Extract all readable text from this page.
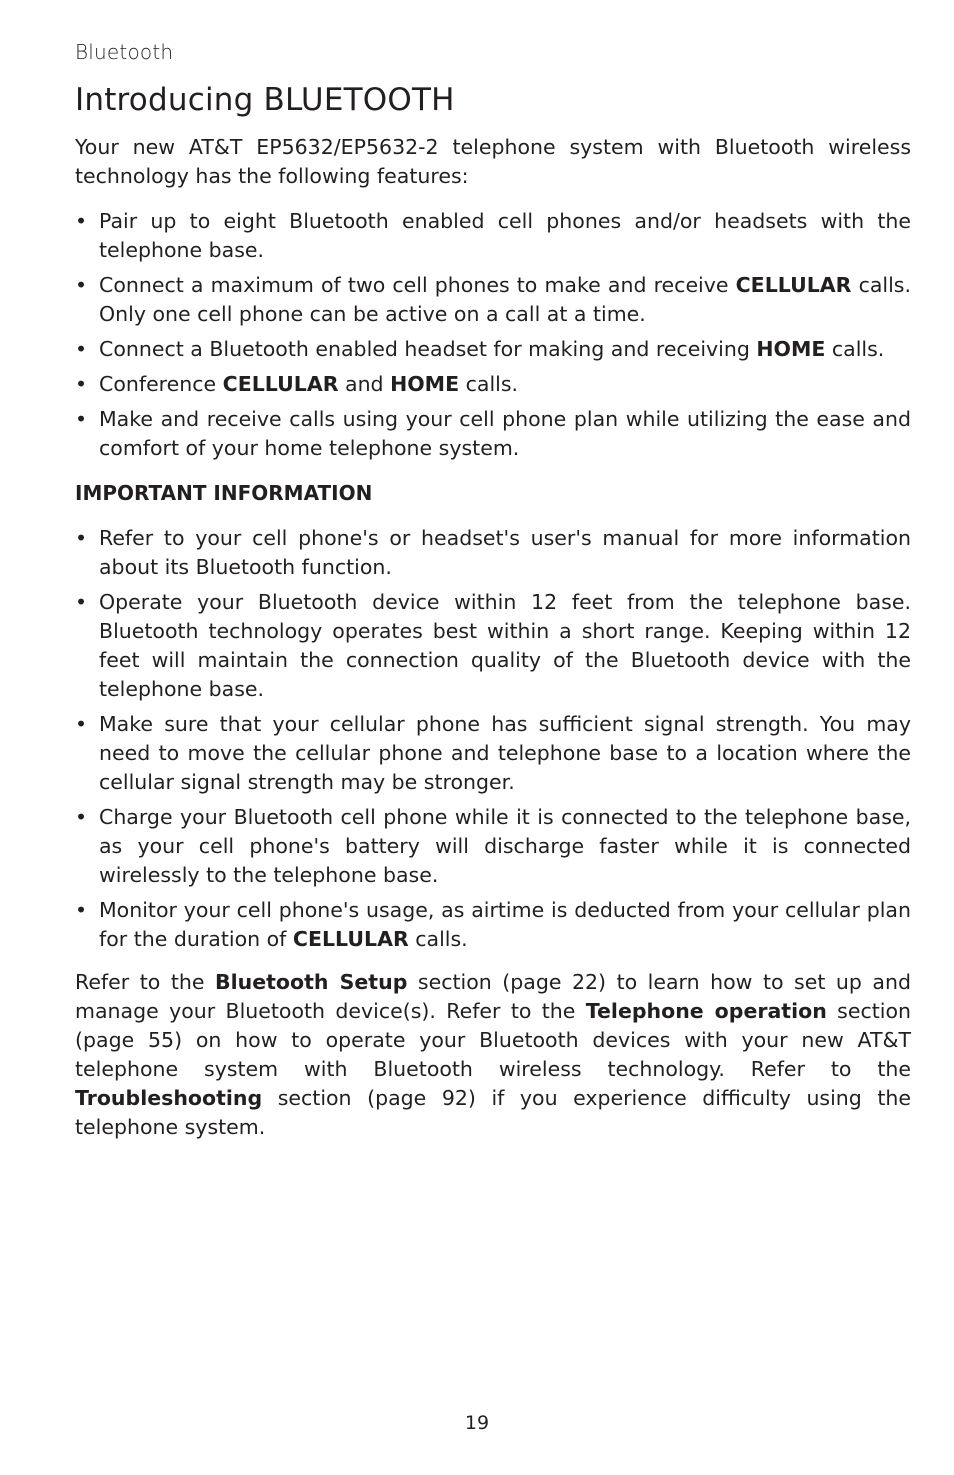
Bluetooth
Introducing BLUETOOTH

Your new AT&T EP5632/EP5632-2 telephone system with Bluetooth wireless technology has the following features:

• Pair up to eight Bluetooth enabled cell phones and/or headsets with the telephone base.
• Connect a maximum of two cell phones to make and receive CELLULAR calls. Only one cell phone can be active on a call at a time.
• Connect a Bluetooth enabled headset for making and receiving HOME calls.
• Conference CELLULAR and HOME calls.
• Make and receive calls using your cell phone plan while utilizing the ease and comfort of your home telephone system.
IMPORTANT INFORMATION
• Refer to your cell phone's or headset's user's manual for more information about its Bluetooth function.
• Operate your Bluetooth device within 12 feet from the telephone base. Bluetooth technology operates best within a short range. Keeping within 12 feet will maintain the connection quality of the Bluetooth device with the telephone base.
• Make sure that your cellular phone has sufficient signal strength. You may need to move the cellular phone and telephone base to a location where the cellular signal strength may be stronger.
• Charge your Bluetooth cell phone while it is connected to the telephone base, as your cell phone's battery will discharge faster while it is connected wirelessly to the telephone base.
• Monitor your cell phone's usage, as airtime is deducted from your cellular plan for the duration of CELLULAR calls.

Refer to the Bluetooth Setup section (page 22) to learn how to set up and manage your Bluetooth device(s). Refer to the Telephone operation section (page 55) on how to operate your Bluetooth devices with your new AT&T telephone system with Bluetooth wireless technology. Refer to the Troubleshooting section (page 92) if you experience difficulty using the telephone system.

19
